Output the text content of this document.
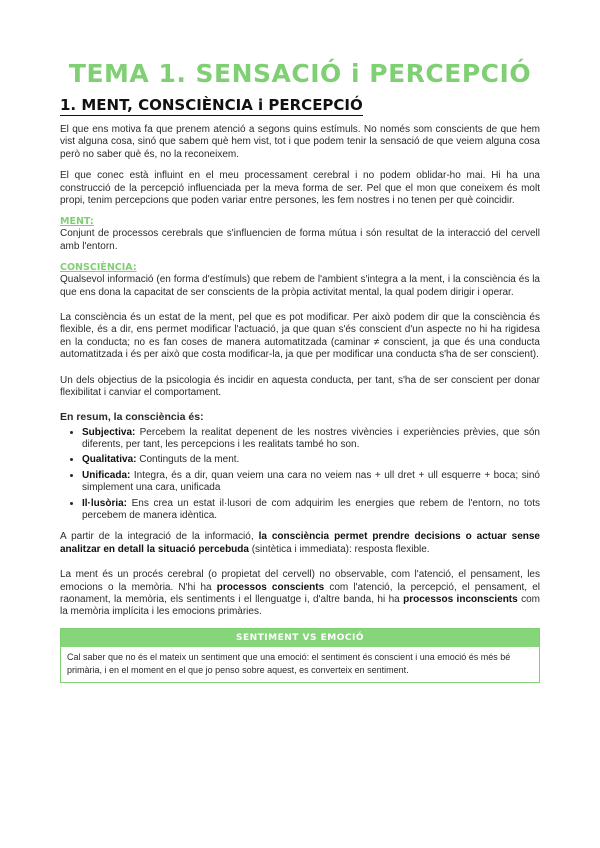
TEMA 1. SENSACIÓ i PERCEPCIÓ
1. MENT, CONSCIÈNCIA i PERCEPCIÓ

El que ens motiva fa que prenem atenció a segons quins estímuls. No només som conscients de que hem vist alguna cosa, sinó que sabem què hem vist, tot i que podem tenir la sensació de que veiem alguna cosa però no saber què és, no la reconeixem.

El que conec està influint en el meu processament cerebral i no podem oblidar-ho mai. Hi ha una construcció de la percepció influenciada per la meva forma de ser. Pel que el mon que coneixem és molt propi, tenim percepcions que poden variar entre persones, les fem nostres i no tenen per què coincidir.

MENT:

Conjunt de processos cerebrals que s'influencien de forma mútua i són resultat de la interacció del cervell amb l'entorn.

CONSCIÈNCIA:

Qualsevol informació (en forma d'estímuls) que rebem de l'ambient s'integra a la ment, i la consciència és la que ens dona la capacitat de ser conscients de la pròpia activitat mental, la qual podem dirigir i operar.

La consciència és un estat de la ment, pel que es pot modificar. Per això podem dir que la consciència és flexible, és a dir, ens permet modificar l'actuació, ja que quan s'és conscient d'un aspecte no hi ha rigidesa en la conducta; no es fan coses de manera automatitzada (caminar ≠ conscient, ja que és una conducta automatitzada i és per això que costa modificar-la, ja que per modificar una conducta s'ha de ser conscient).

Un dels objectius de la psicologia és incidir en aquesta conducta, per tant, s'ha de ser conscient per donar flexibilitat i canviar el comportament.

En resum, la consciència és:
• Subjectiva: Percebem la realitat depenent de les nostres vivències i experiències prèvies, que són diferents, per tant, les percepcions i les realitats també ho son.
• Qualitativa: Continguts de la ment.
• Unificada: Integra, és a dir, quan veiem una cara no veiem nas + ull dret + ull esquerre + boca; sinó simplement una cara, unificada
• Il·lusòria: Ens crea un estat il·lusori de com adquirim les energies que rebem de l'entorn, no tots percebem de manera idèntica.

A partir de la integració de la informació, la consciència permet prendre decisions o actuar sense analitzar en detall la situació percebuda (sintètica i immediata): resposta flexible.

La ment és un procés cerebral (o propietat del cervell) no observable, com l'atenció, el pensament, les emocions o la memòria. N'hi ha processos conscients com l'atenció, la percepció, el pensament, el raonament, la memòria, els sentiments i el llenguatge i, d'altre banda, hi ha processos inconscients com la memòria implícita i les emocions primàries.

SENTIMENT VS EMOCIÓ
Cal saber que no és el mateix un sentiment que una emoció: el sentiment és conscient i una emoció és més bé primària, i en el moment en el que jo penso sobre aquest, es converteix en sentiment.
